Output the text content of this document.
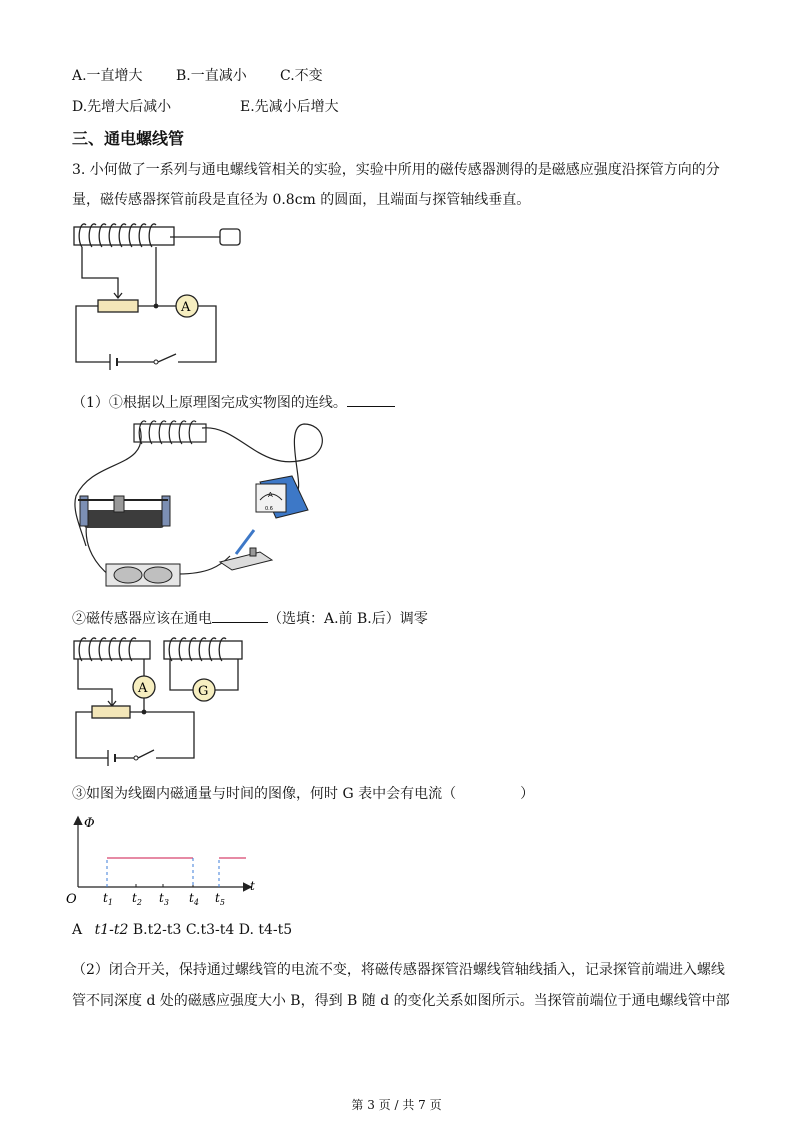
A.一直增大 B.一直减小 C.不变
D.先增大后减小	E.先减小后增大
三、通电螺线管
3. 小何做了一系列与通电螺线管相关的实验，实验中所用的磁传感器测得的是磁感应强度沿探管方向的分
量，磁传感器探管前段是直径为 0.8cm 的圆面，且端面与探管轴线垂直。
A
（1）①根据以上原理图完成实物图的连线。
A
0.6
②磁传感器应该在通电	（选填：A.前 B.后）调零
A	G
③如图为线圈内磁通量与时间的图像，何时 G 表中会有电流（	）
Φ
t
O $t_1$ $t_2$ $t_3$ $t_4$ $t_5$
A t1-t2 B.t2-t3 C.t3-t4 D. t4-t5
（2）闭合开关，保持通过螺线管的电流不变，将磁传感器探管沿螺线管轴线插入，记录探管前端进入螺线
管不同深度 d 处的磁感应强度大小 B，得到 B 随 d 的变化关系如图所示。当探管前端位于通电螺线管中部
第 3 页 / 共 7 页
